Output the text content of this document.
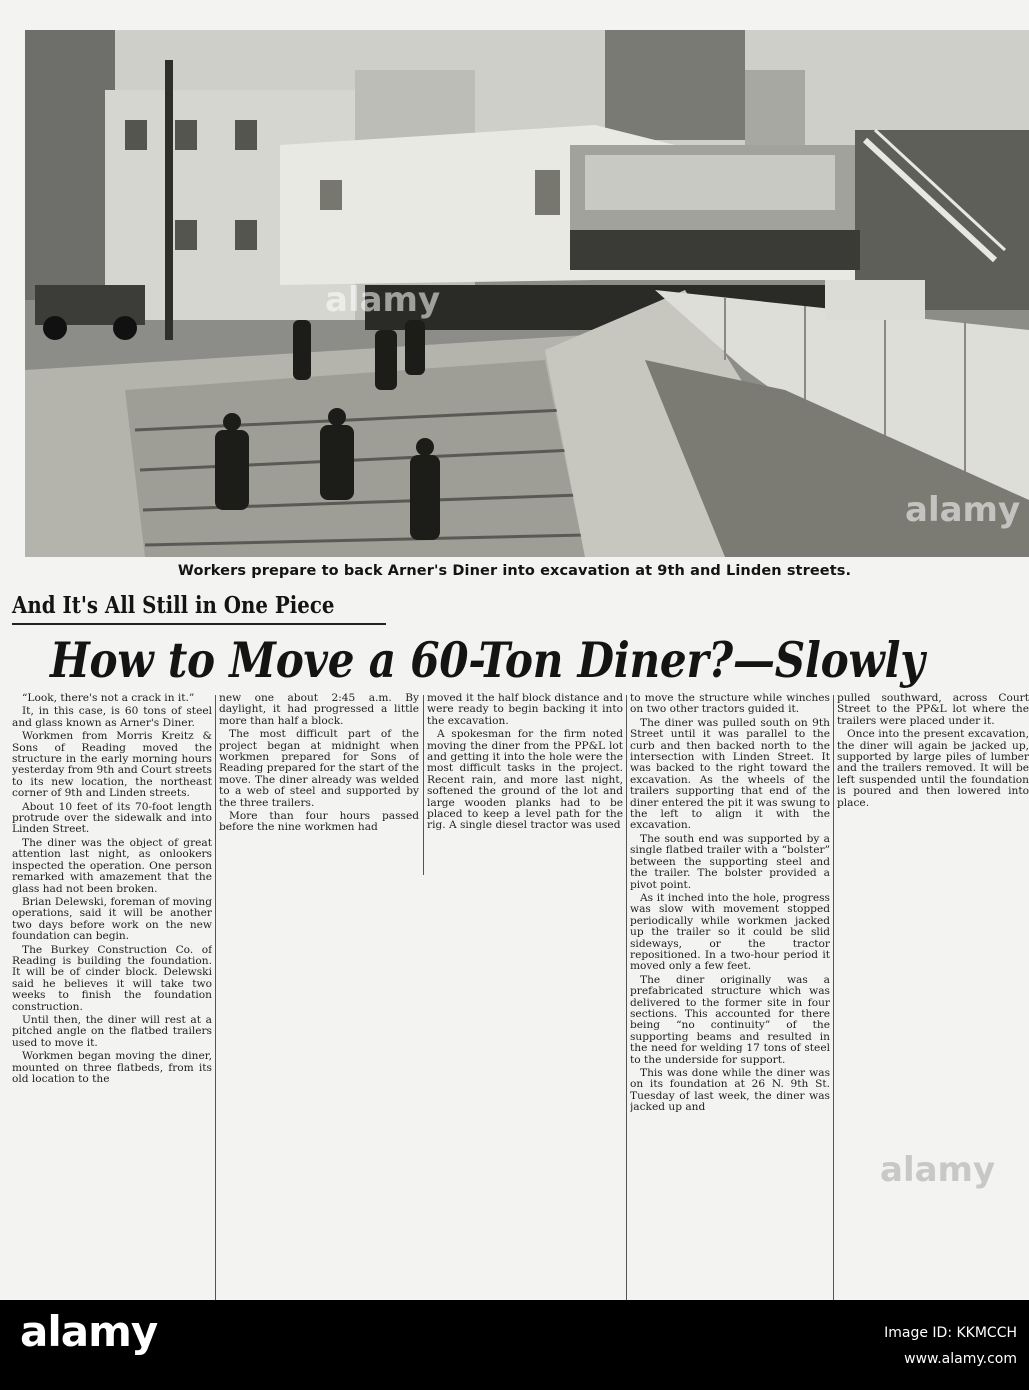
alamy
alamy
Workers prepare to back Arner's Diner into excavation at 9th and Linden streets.
And It's All Still in One Piece
How to Move a 60-Ton Diner?—Slowly

“Look, there's not a crack in it.”

It, in this case, is 60 tons of steel and glass known as Arner's Diner.

Workmen from Morris Kreitz & Sons of Reading moved the structure in the early morning hours yesterday from 9th and Court streets to its new location, the northeast corner of 9th and Linden streets.

About 10 feet of its 70-foot length protrude over the sidewalk and into Linden Street.

The diner was the object of great attention last night, as onlookers inspected the operation. One person remarked with amazement that the glass had not been broken.

Brian Delewski, foreman of moving operations, said it will be another two days before work on the new foundation can begin.

The Burkey Construction Co. of Reading is building the foundation. It will be of cinder block. Delewski said he believes it will take two weeks to finish the foundation construction.

Until then, the diner will rest at a pitched angle on the flatbed trailers used to move it.

Workmen began moving the diner, mounted on three flatbeds, from its old location to the

new one about 2:45 a.m. By daylight, it had progressed a little more than half a block.

The most difficult part of the project began at midnight when workmen prepared for Sons of Reading prepared for the start of the move. The diner already was welded to a web of steel and supported by the three trailers.

More than four hours passed before the nine workmen had

moved it the half block distance and were ready to begin backing it into the excavation.

A spokesman for the firm noted moving the diner from the PP&L lot and getting it into the hole were the most difficult tasks in the project. Recent rain, and more last night, softened the ground of the lot and large wooden planks had to be placed to keep a level path for the rig. A single diesel tractor was used

to move the structure while winches on two other tractors guided it.

The diner was pulled south on 9th Street until it was parallel to the curb and then backed north to the intersection with Linden Street. It was backed to the right toward the excavation. As the wheels of the trailers supporting that end of the diner entered the pit it was swung to the left to align it with the excavation.

The south end was supported by a single flatbed trailer with a “bolster” between the supporting steel and the trailer. The bolster provided a pivot point.

As it inched into the hole, progress was slow with movement stopped periodically while workmen jacked up the trailer so it could be slid sideways, or the tractor repositioned. In a two-hour period it moved only a few feet.

The diner originally was a prefabricated structure which was delivered to the former site in four sections. This accounted for there being “no continuity” of the supporting beams and resulted in the need for welding 17 tons of steel to the underside for support.

This was done while the diner was on its foundation at 26 N. 9th St. Tuesday of last week, the diner was jacked up and

pulled southward, across Court Street to the PP&L lot where the trailers were placed under it.

Once into the present excavation, the diner will again be jacked up, supported by large piles of lumber and the trailers removed. It will be left suspended until the foundation is poured and then lowered into place.

alamy
alamy	Image ID: KKMCCH
www.alamy.com
